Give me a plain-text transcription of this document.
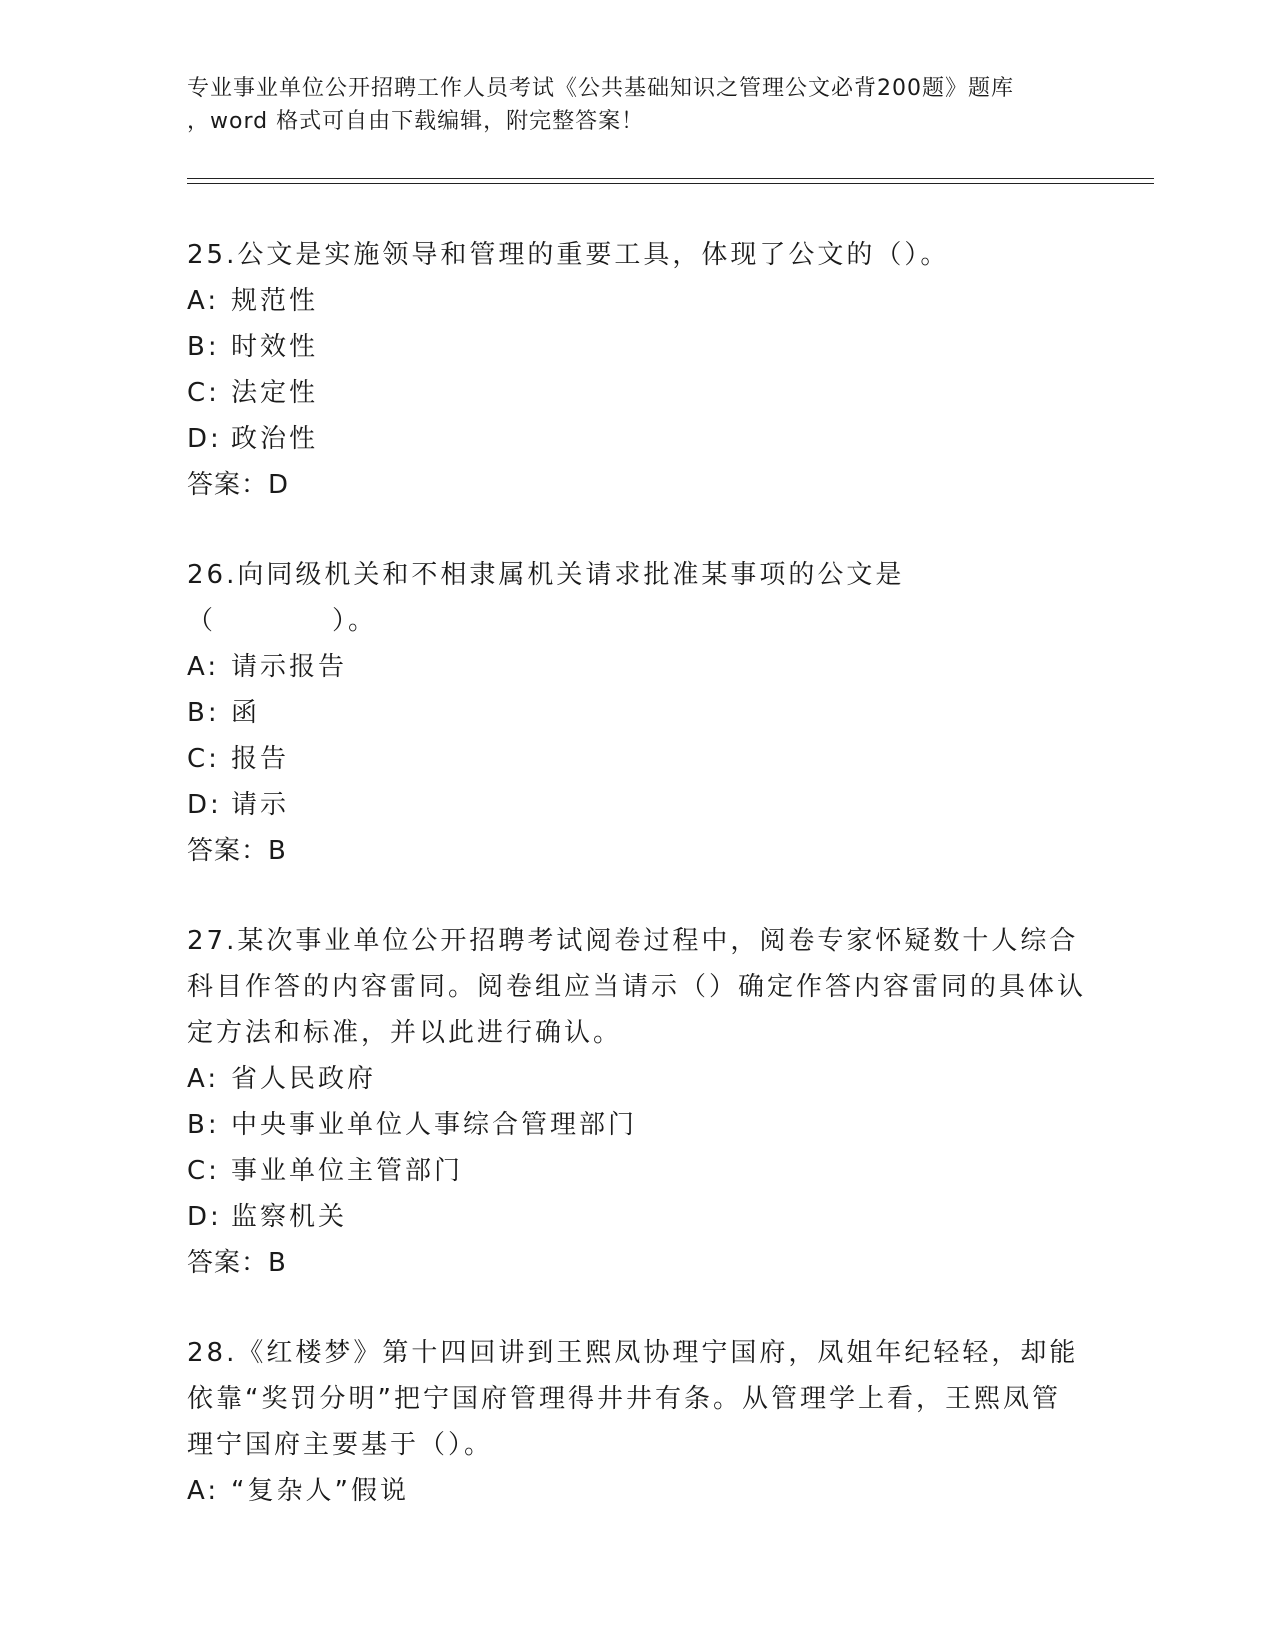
专业事业单位公开招聘工作人员考试《公共基础知识之管理公文必背200题》题库
，word 格式可自由下载编辑，附完整答案！
25.公文是实施领导和管理的重要工具，体现了公文的（）。
A: 规范性
B: 时效性
C: 法定性
D: 政治性
答案：D
26.向同级机关和不相隶属机关请求批准某事项的公文是（　　　　）。
A: 请示报告
B: 函
C: 报告
D: 请示
答案：B
27.某次事业单位公开招聘考试阅卷过程中，阅卷专家怀疑数十人综合科目作答的内容雷同。阅卷组应当请示（）确定作答内容雷同的具体认定方法和标准，并以此进行确认。
A: 省人民政府
B: 中央事业单位人事综合管理部门
C: 事业单位主管部门
D: 监察机关
答案：B
28.《红楼梦》第十四回讲到王熙凤协理宁国府，凤姐年纪轻轻，却能依靠“奖罚分明”把宁国府管理得井井有条。从管理学上看，王熙凤管理宁国府主要基于（）。
A: “复杂人”假说
